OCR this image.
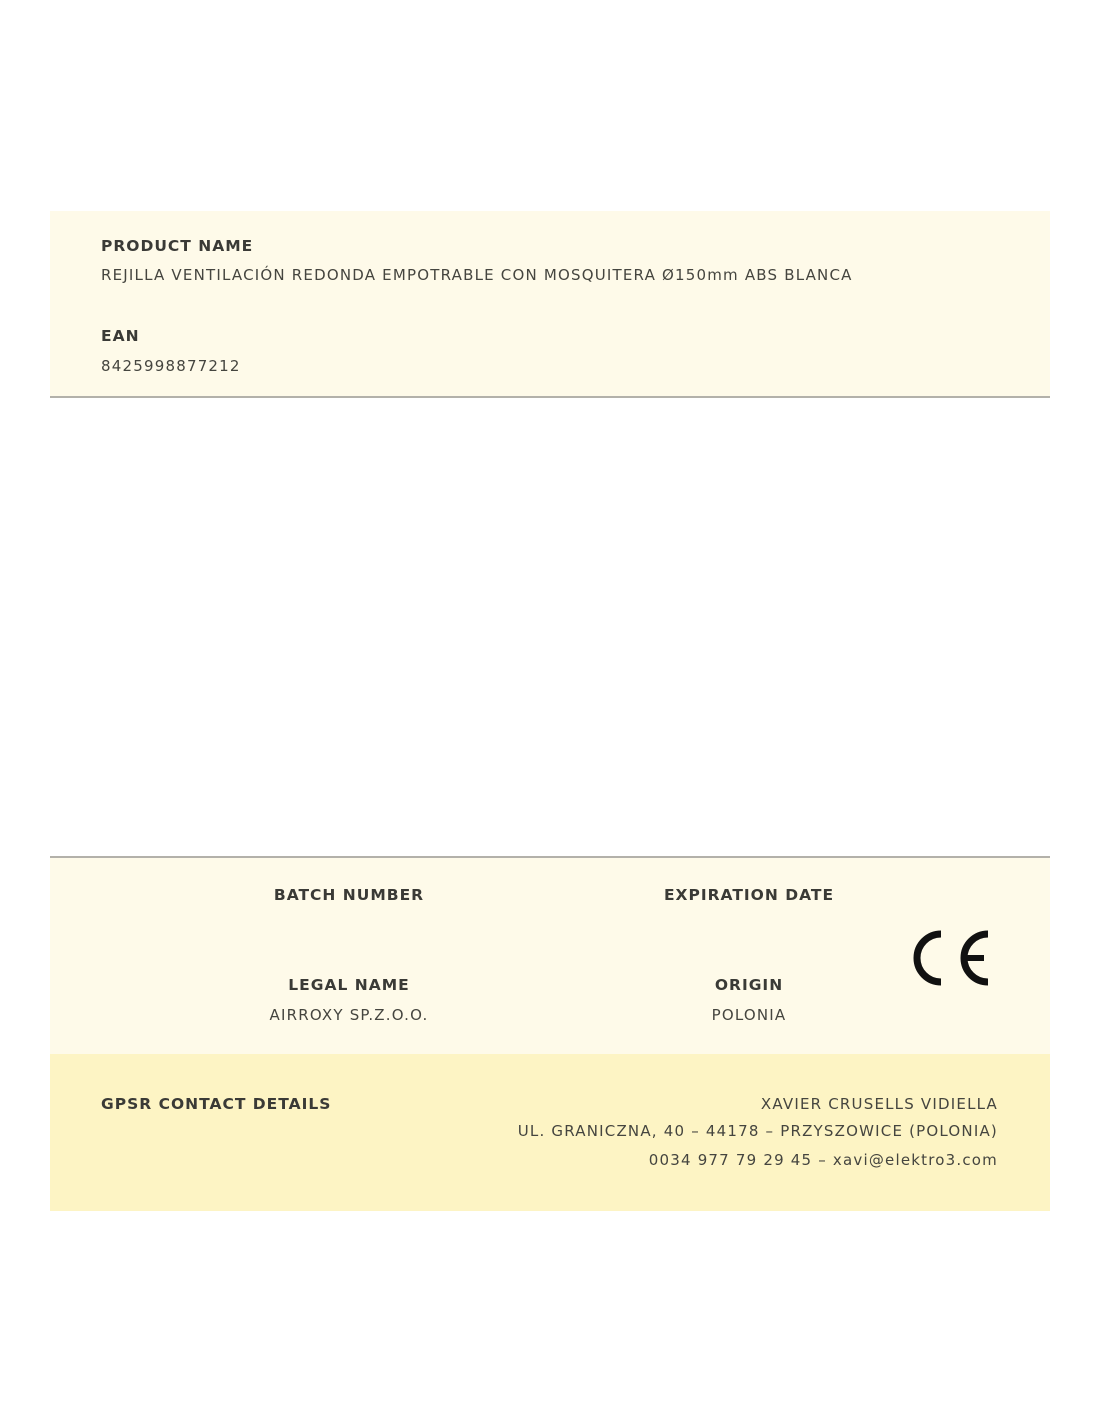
PRODUCT NAME
REJILLA VENTILACIÓN REDONDA EMPOTRABLE CON MOSQUITERA Ø150mm ABS BLANCA
EAN
8425998877212
BATCH NUMBER	EXPIRATION DATE
LEGAL NAME
AIRROXY SP.Z.O.O.
ORIGIN
POLONIA
GPSR CONTACT DETAILS	XAVIER CRUSELLS VIDIELLA
UL. GRANICZNA, 40 – 44178 – PRZYSZOWICE (POLONIA)
0034 977 79 29 45 – xavi@elektro3.com
